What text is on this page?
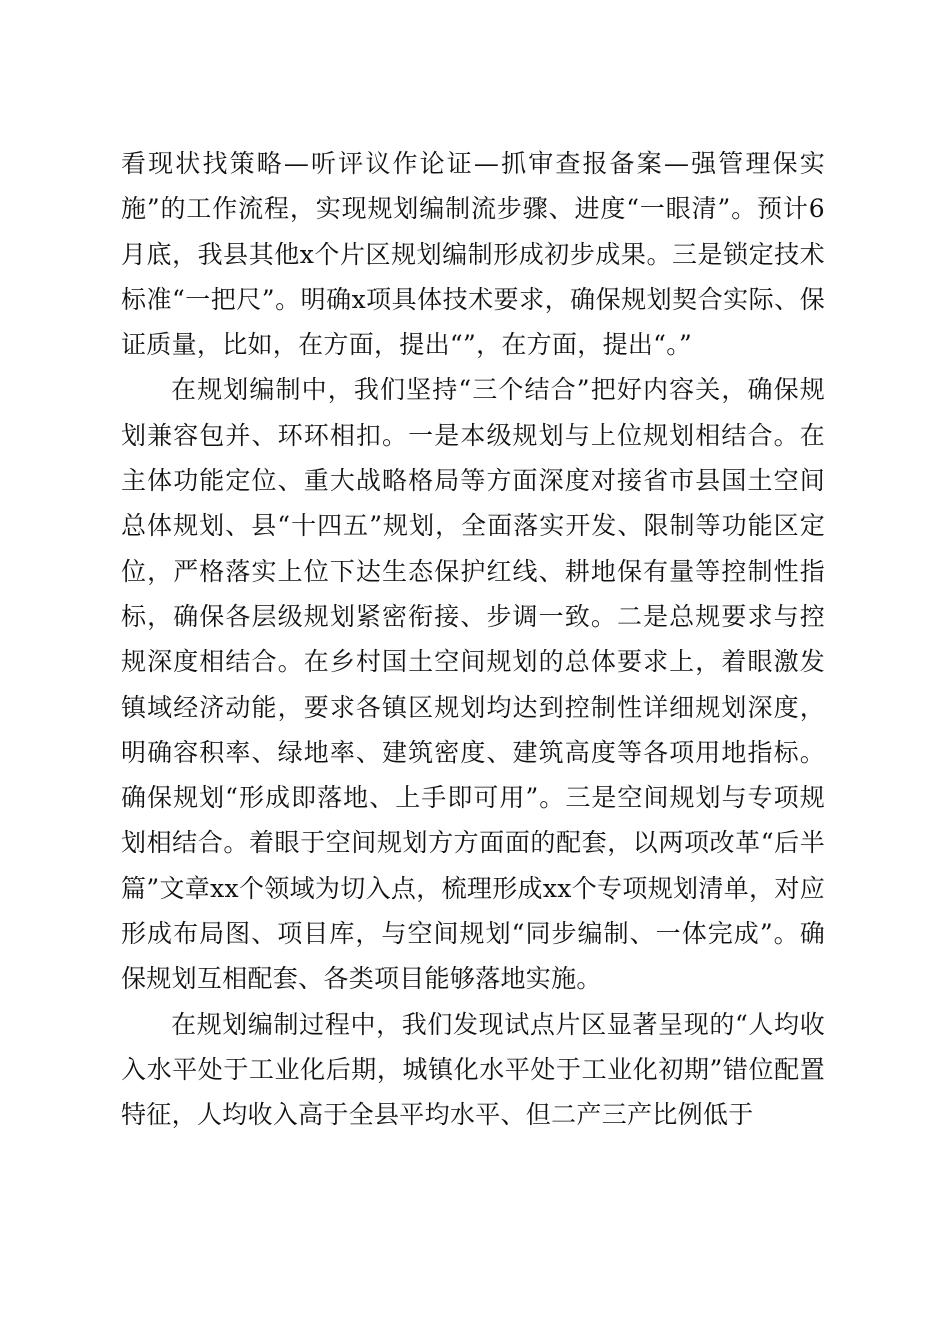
看现状找策略—听评议作论证—抓审查报备案—强管理保实施”的工作流程，实现规划编制流步骤、进度“一眼清”。预计6月底，我县其他x个片区规划编制形成初步成果。三是锁定技术标准“一把尺”。明确x项具体技术要求，确保规划契合实际、保证质量，比如，在方面，提出“”，在方面，提出“。”

在规划编制中，我们坚持“三个结合”把好内容关，确保规划兼容包并、环环相扣。一是本级规划与上位规划相结合。在主体功能定位、重大战略格局等方面深度对接省市县国土空间总体规划、县“十四五”规划，全面落实开发、限制等功能区定位，严格落实上位下达生态保护红线、耕地保有量等控制性指标，确保各层级规划紧密衔接、步调一致。二是总规要求与控规深度相结合。在乡村国土空间规划的总体要求上，着眼激发镇域经济动能，要求各镇区规划均达到控制性详细规划深度，明确容积率、绿地率、建筑密度、建筑高度等各项用地指标。确保规划“形成即落地、上手即可用”。三是空间规划与专项规划相结合。着眼于空间规划方方面面的配套，以两项改革“后半篇”文章xx个领域为切入点，梳理形成xx个专项规划清单，对应形成布局图、项目库，与空间规划“同步编制、一体完成”。确保规划互相配套、各类项目能够落地实施。

在规划编制过程中，我们发现试点片区显著呈现的“人均收入水平处于工业化后期，城镇化水平处于工业化初期”错位配置特征，人均收入高于全县平均水平、但二产三产比例低于
